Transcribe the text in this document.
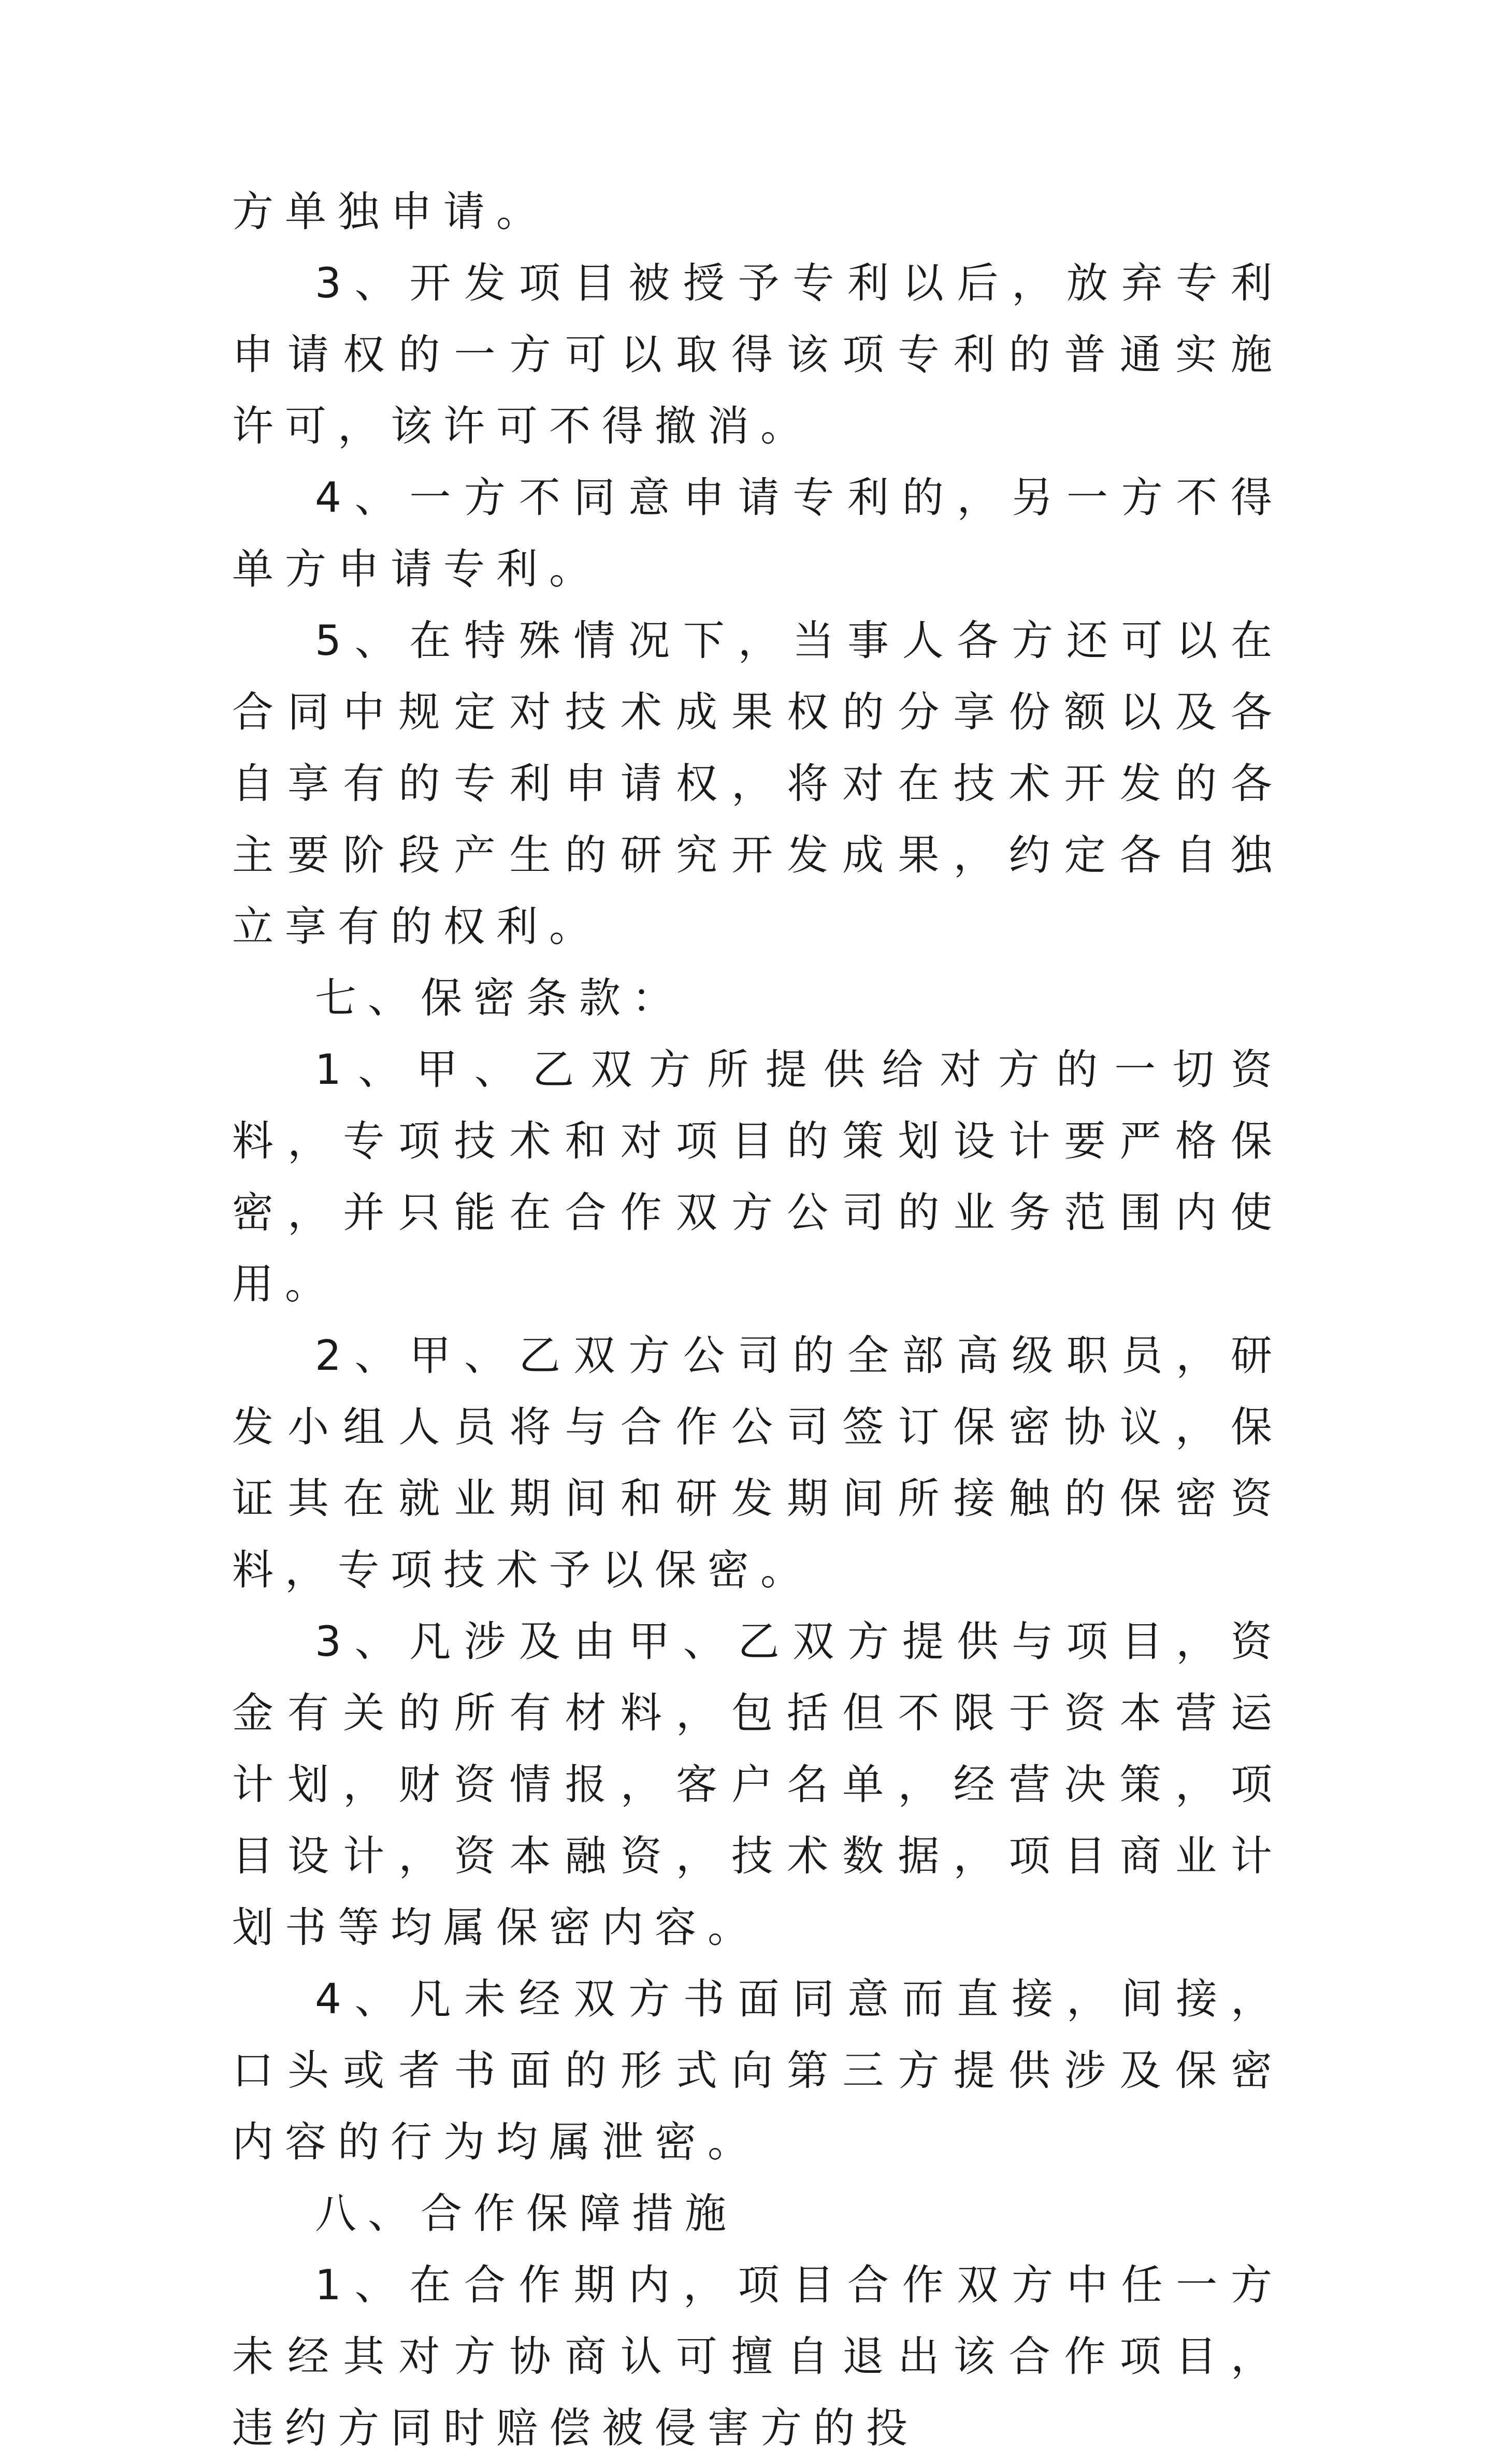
方单独申请。

3、开发项目被授予专利以后，放弃专利申请权的一方可以取得该项专利的普通实施许可，该许可不得撤消。

4、一方不同意申请专利的，另一方不得单方申请专利。

5、在特殊情况下，当事人各方还可以在合同中规定对技术成果权的分享份额以及各自享有的专利申请权，将对在技术开发的各主要阶段产生的研究开发成果，约定各自独立享有的权利。

七、保密条款：

1、甲、乙双方所提供给对方的一切资料，专项技术和对项目的策划设计要严格保密，并只能在合作双方公司的业务范围内使用。

2、甲、乙双方公司的全部高级职员，研发小组人员将与合作公司签订保密协议，保证其在就业期间和研发期间所接触的保密资料，专项技术予以保密。

3、凡涉及由甲、乙双方提供与项目，资金有关的所有材料，包括但不限于资本营运计划，财资情报，客户名单，经营决策，项目设计，资本融资，技术数据，项目商业计划书等均属保密内容。

4、凡未经双方书面同意而直接，间接，口头或者书面的形式向第三方提供涉及保密内容的行为均属泄密。

八、合作保障措施

1、在合作期内，项目合作双方中任一方未经其对方协商认可擅自退出该合作项目，违约方同时赔偿被侵害方的投
